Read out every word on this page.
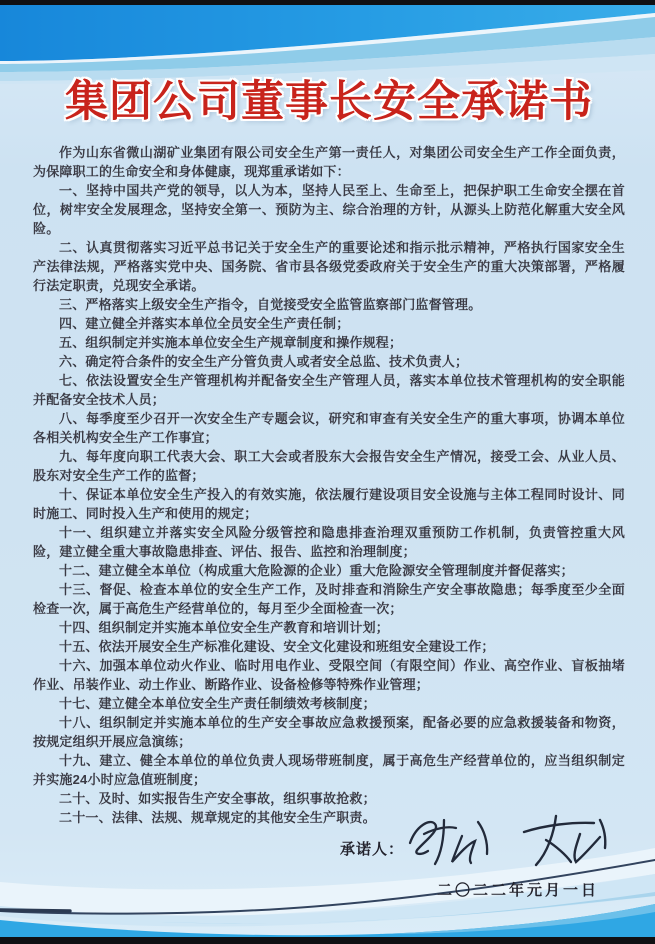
集团公司董事长安全承诺书

作为山东省微山湖矿业集团有限公司安全生产第一责任人，对集团公司安全生产工作全面负责，为保障职工的生命安全和身体健康，现郑重承诺如下：

一、坚持中国共产党的领导，以人为本，坚持人民至上、生命至上，把保护职工生命安全摆在首位，树牢安全发展理念，坚持安全第一、预防为主、综合治理的方针，从源头上防范化解重大安全风险。

二、认真贯彻落实习近平总书记关于安全生产的重要论述和指示批示精神，严格执行国家安全生产法律法规，严格落实党中央、国务院、省市县各级党委政府关于安全生产的重大决策部署，严格履行法定职责，兑现安全承诺。

三、严格落实上级安全生产指令，自觉接受安全监管监察部门监督管理。

四、建立健全并落实本单位全员安全生产责任制；

五、组织制定并实施本单位安全生产规章制度和操作规程；

六、确定符合条件的安全生产分管负责人或者安全总监、技术负责人；

七、依法设置安全生产管理机构并配备安全生产管理人员，落实本单位技术管理机构的安全职能并配备安全技术人员；

八、每季度至少召开一次安全生产专题会议，研究和审查有关安全生产的重大事项，协调本单位各相关机构安全生产工作事宜；

九、每年度向职工代表大会、职工大会或者股东大会报告安全生产情况，接受工会、从业人员、股东对安全生产工作的监督；

十、保证本单位安全生产投入的有效实施，依法履行建设项目安全设施与主体工程同时设计、同时施工、同时投入生产和使用的规定；

十一、组织建立并落实安全风险分级管控和隐患排查治理双重预防工作机制，负责管控重大风险，建立健全重大事故隐患排查、评估、报告、监控和治理制度；

十二、建立健全本单位（构成重大危险源的企业）重大危险源安全管理制度并督促落实；

十三、督促、检查本单位的安全生产工作，及时排查和消除生产安全事故隐患；每季度至少全面检查一次，属于高危生产经营单位的，每月至少全面检查一次；

十四、组织制定并实施本单位安全生产教育和培训计划；

十五、依法开展安全生产标准化建设、安全文化建设和班组安全建设工作；

十六、加强本单位动火作业、临时用电作业、受限空间（有限空间）作业、高空作业、盲板抽堵作业、吊装作业、动土作业、断路作业、设备检修等特殊作业管理；

十七、建立健全本单位安全生产责任制绩效考核制度；

十八、组织制定并实施本单位的生产安全事故应急救援预案，配备必要的应急救援装备和物资，按规定组织开展应急演练；

十九、建立、健全本单位的单位负责人现场带班制度，属于高危生产经营单位的，应当组织制定并实施24小时应急值班制度；

二十、及时、如实报告生产安全事故，组织事故抢救；

二十一、法律、法规、规章规定的其他安全生产职责。

承诺人：
二〇二二年元月一日
